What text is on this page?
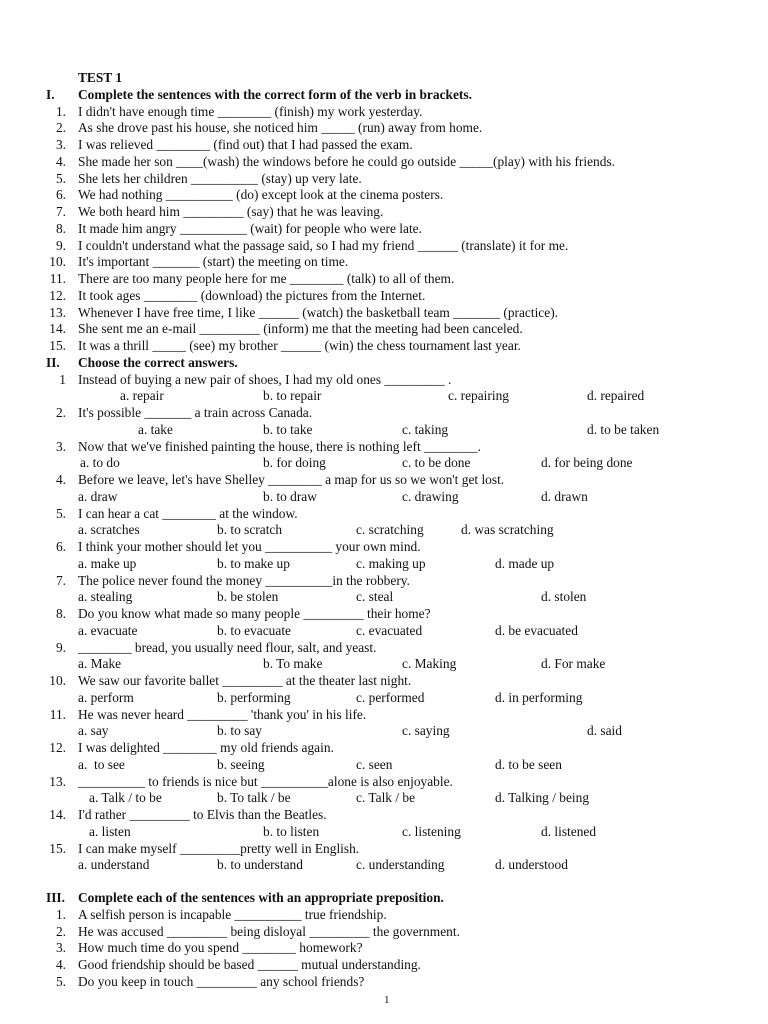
TEST 1
I. Complete the sentences with the correct form of the verb in brackets.
1. I didn't have enough time ________ (finish) my work yesterday.
2. As she drove past his house, she noticed him _____ (run) away from home.
3. I was relieved ________ (find out) that I had passed the exam.
4. She made her son ____(wash) the windows before he could go outside _____(play) with his friends.
5. She lets her children __________ (stay) up very late.
6. We had nothing __________ (do) except look at the cinema posters.
7. We both heard him _________ (say) that he was leaving.
8. It made him angry __________ (wait) for people who were late.
9. I couldn't understand what the passage said, so I had my friend ______ (translate) it for me.
10. It's important _______ (start) the meeting on time.
11. There are too many people here for me ________ (talk) to all of them.
12. It took ages ________ (download) the pictures from the Internet.
13. Whenever I have free time, I like ______ (watch) the basketball team _______ (practice).
14. She sent me an e-mail _________ (inform) me that the meeting had been canceled.
15. It was a thrill _____ (see) my brother ______ (win) the chess tournament last year.
II. Choose the correct answers.
1 Instead of buying a new pair of shoes, I had my old ones _________ .
a. repair	b. to repair	c. repairing	d. repaired
2. It's possible _______ a train across Canada.
a. take	b. to take	c. taking	d. to be taken
3. Now that we've finished painting the house, there is nothing left ________.
a. to do	b. for doing	c. to be done	d. for being done
4. Before we leave, let's have Shelley ________ a map for us so we won't get lost.
a. draw	b. to draw	c. drawing	d. drawn
5. I can hear a cat ________ at the window.
a. scratches	b. to scratch	c. scratching	d. was scratching
6. I think your mother should let you __________ your own mind.
a. make up	b. to make up	c. making up	d. made up
7. The police never found the money __________in the robbery.
a. stealing	b. be stolen	c. steal	d. stolen
8. Do you know what made so many people _________ their home?
a. evacuate	b. to evacuate	c. evacuated	d. be evacuated
9. ________ bread, you usually need flour, salt, and yeast.
a. Make	b. To make	c. Making	d. For make
10. We saw our favorite ballet _________ at the theater last night.
a. perform	b. performing	c. performed	d. in performing
11. He was never heard _________ 'thank you' in his life.
a. say	b. to say	c. saying	d. said
12. I was delighted ________ my old friends again.
a.  to see	b. seeing	c. seen	d. to be seen
13. __________ to friends is nice but __________alone is also enjoyable.
a. Talk / to be	b. To talk / be	c. Talk / be	d. Talking / being
14. I'd rather _________ to Elvis than the Beatles.
a. listen	b. to listen	c. listening	d. listened
15. I can make myself _________pretty well in English.
a. understand	b. to understand	c. understanding	d. understood
III. Complete each of the sentences with an appropriate preposition.
1. A selfish person is incapable __________ true friendship.
2. He was accused _________ being disloyal _________ the government.
3. How much time do you spend ________ homework?
4. Good friendship should be based ______ mutual understanding.
5. Do you keep in touch _________ any school friends?
1
